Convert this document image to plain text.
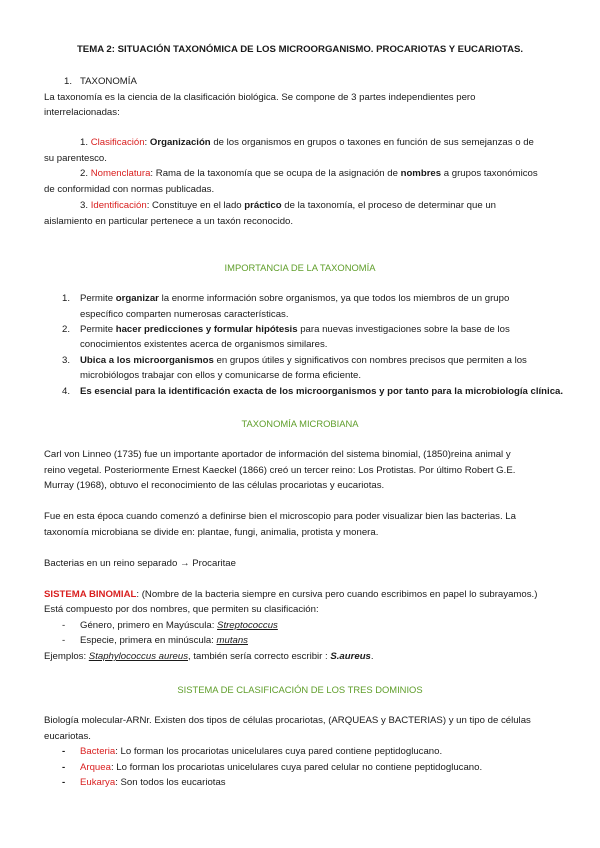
TEMA 2: SITUACIÓN TAXONÓMICA DE LOS MICROORGANISMO. PROCARIOTAS Y EUCARIOTAS.
1. TAXONOMÍA
La taxonomía es la ciencia de la clasificación biológica. Se compone de 3 partes independientes pero
interrelacionadas:
1. Clasificación: Organización de los organismos en grupos o taxones en función de sus semejanzas o de
su parentesco.
2. Nomenclatura: Rama de la taxonomía que se ocupa de la asignación de nombres a grupos taxonómicos
de conformidad con normas publicadas.
3. Identificación: Constituye en el lado práctico de la taxonomía, el proceso de determinar que un
aislamiento en particular pertenece a un taxón reconocido.
IMPORTANCIA DE LA TAXONOMÍA
1. Permite organizar la enorme información sobre organismos, ya que todos los miembros de un grupo
específico comparten numerosas características.
2. Permite hacer predicciones y formular hipótesis para nuevas investigaciones sobre la base de los
conocimientos existentes acerca de organismos similares.
3. Ubica a los microorganismos en grupos útiles y significativos con nombres precisos que permiten a los
microbiólogos trabajar con ellos y comunicarse de forma eficiente.
4. Es esencial para la identificación exacta de los microorganismos y por tanto para la microbiología clínica.
TAXONOMÍA MICROBIANA
Carl von Linneo (1735) fue un importante aportador de información del sistema binomial, (1850)reina animal y
reino vegetal. Posteriormente Ernest Kaeckel (1866) creó un tercer reino: Los Protistas. Por último Robert G.E.
Murray (1968), obtuvo el reconocimiento de las células procariotas y eucariotas.
Fue en esta época cuando comenzó a definirse bien el microscopio para poder visualizar bien las bacterias. La
taxonomía microbiana se divide en: plantae, fungi, animalia, protista y monera.
Bacterias en un reino separado → Procaritae
SISTEMA BINOMIAL: (Nombre de la bacteria siempre en cursiva pero cuando escribimos en papel lo subrayamos.)
Está compuesto por dos nombres, que permiten su clasificación:
- Género, primero en Mayúscula: Streptococcus
- Especie, primera en minúscula: mutans
Ejemplos: Staphylococcus aureus, también sería correcto escribir : S.aureus.
SISTEMA DE CLASIFICACIÓN DE LOS TRES DOMINIOS
Biología molecular-ARNr. Existen dos tipos de células procariotas, (ARQUEAS y BACTERIAS) y un tipo de células
eucariotas.
- Bacteria: Lo forman los procariotas unicelulares cuya pared contiene peptidoglucano.
- Arquea: Lo forman los procariotas unicelulares cuya pared celular no contiene peptidoglucano.
- Eukarya: Son todos los eucariotas
